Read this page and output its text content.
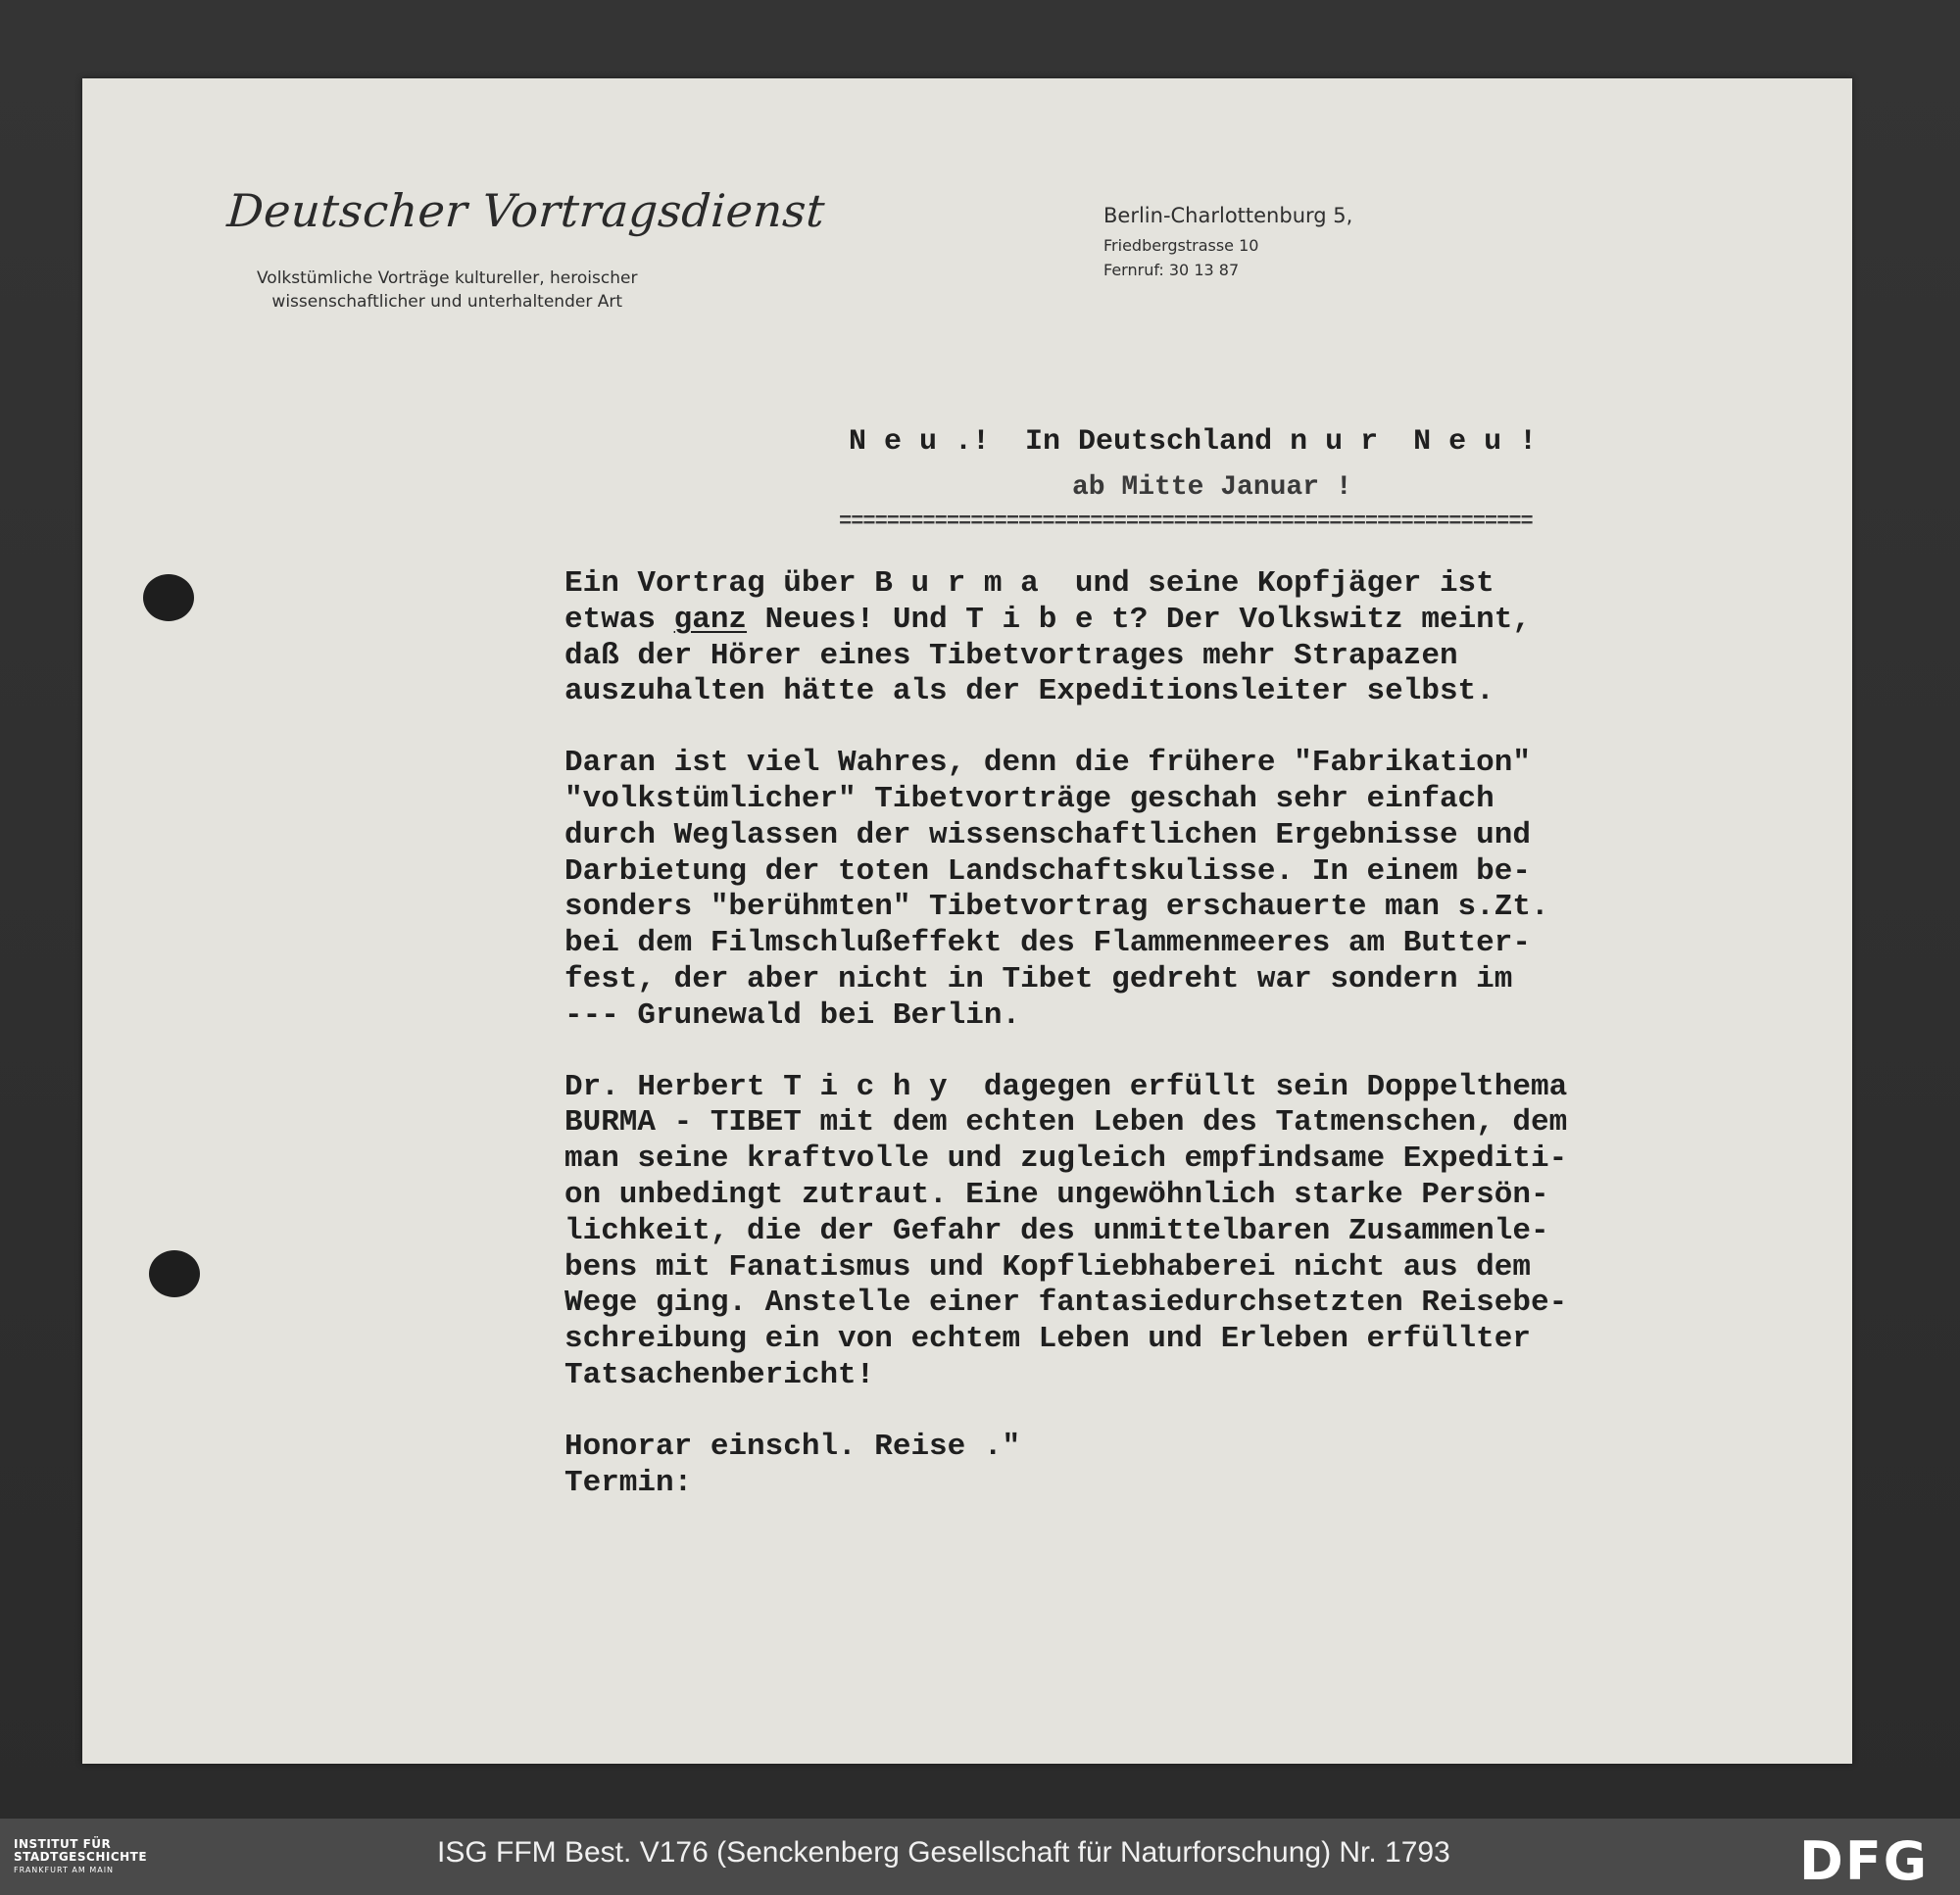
Deutscher Vortragsdienst
Volkstümliche Vorträge kultureller, heroischer
wissenschaftlicher und unterhaltender Art
Berlin-Charlottenburg 5,
Friedbergstrasse 10
Fernruf: 30 13 87
N e u .!  In Deutschland n u r  N e u !
ab Mitte Januar !
==========================================================
Ein Vortrag über B u r m a  und seine Kopfjäger ist
etwas ganz Neues! Und T i b e t? Der Volkswitz meint,
daß der Hörer eines Tibetvortrages mehr Strapazen
auszuhalten hätte als der Expeditionsleiter selbst.
Daran ist viel Wahres, denn die frühere "Fabrikation"
"volkstümlicher" Tibetvorträge geschah sehr einfach
durch Weglassen der wissenschaftlichen Ergebnisse und
Darbietung der toten Landschaftskulisse. In einem be-
sonders "berühmten" Tibetvortrag erschauerte man s.Zt.
bei dem Filmschlußeffekt des Flammenmeeres am Butter-
fest, der aber nicht in Tibet gedreht war sondern im
--- Grunewald bei Berlin.
Dr. Herbert T i c h y  dagegen erfüllt sein Doppelthema
BURMA - TIBET mit dem echten Leben des Tatmenschen, dem
man seine kraftvolle und zugleich empfindsame Expediti-
on unbedingt zutraut. Eine ungewöhnlich starke Persön-
lichkeit, die der Gefahr des unmittelbaren Zusammenle-
bens mit Fanatismus und Kopfliebhaberei nicht aus dem
Wege ging. Anstelle einer fantasiedurchsetzten Reisebe-
schreibung ein von echtem Leben und Erleben erfüllter
Tatsachenbericht!
Honorar einschl. Reise ."
Termin:
INSTITUT FÜR
STADTGESCHICHTE
FRANKFURT AM MAIN
ISG FFM Best. V176 (Senckenberg Gesellschaft für Naturforschung) Nr. 1793	DFG
